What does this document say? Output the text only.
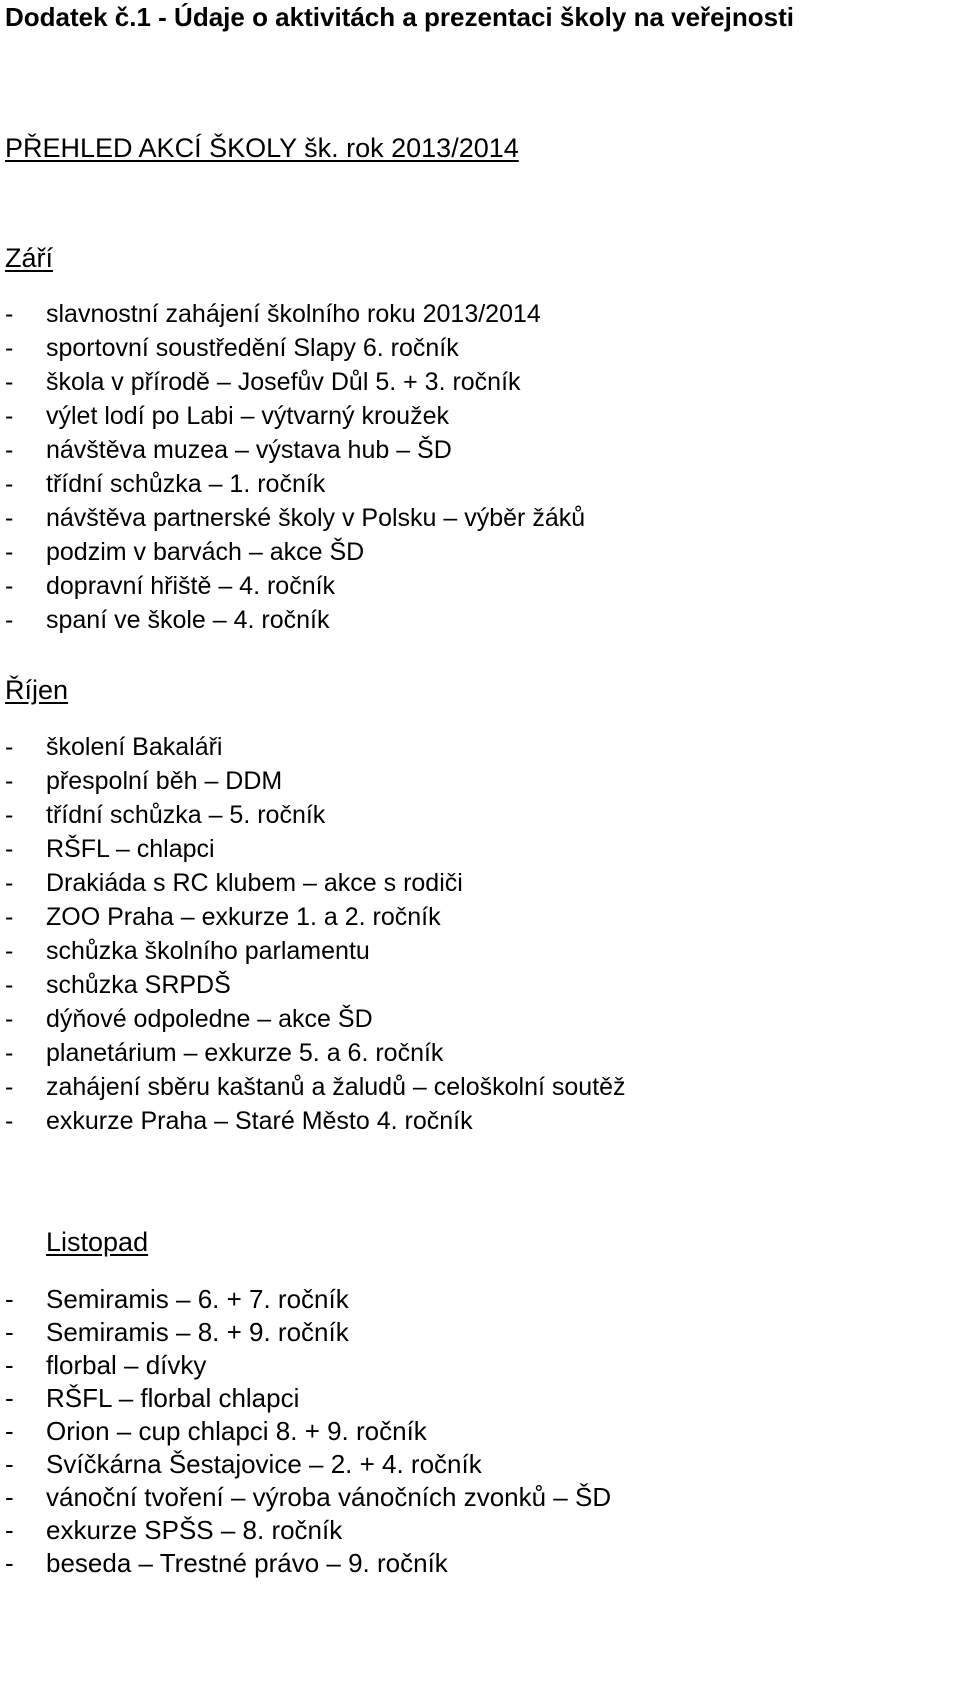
Dodatek č.1 - Údaje o aktivitách a prezentaci školy na veřejnosti
PŘEHLED AKCÍ ŠKOLY šk. rok 2013/2014
Září
- slavnostní zahájení školního roku 2013/2014
- sportovní soustředění Slapy 6. ročník
- škola v přírodě – Josefův Důl 5. + 3. ročník
- výlet lodí po Labi – výtvarný kroužek
- návštěva muzea – výstava hub – ŠD
- třídní schůzka – 1. ročník
- návštěva partnerské školy v Polsku – výběr žáků
- podzim v barvách – akce ŠD
- dopravní hřiště – 4. ročník
- spaní ve škole – 4. ročník
Říjen
- školení Bakaláři
- přespolní běh – DDM
- třídní schůzka – 5. ročník
- RŠFL – chlapci
- Drakiáda s RC klubem – akce s rodiči
- ZOO Praha – exkurze 1. a 2. ročník
- schůzka školního parlamentu
- schůzka SRPDŠ
- dýňové odpoledne – akce ŠD
- planetárium – exkurze 5. a 6. ročník
- zahájení sběru kaštanů a žaludů – celoškolní soutěž
- exkurze Praha – Staré Město 4. ročník
Listopad
- Semiramis – 6. + 7. ročník
- Semiramis – 8. + 9. ročník
- florbal – dívky
- RŠFL – florbal chlapci
- Orion – cup chlapci 8. + 9. ročník
- Svíčkárna Šestajovice – 2. + 4. ročník
- vánoční tvoření – výroba vánočních zvonků – ŠD
- exkurze SPŠS – 8. ročník
- beseda – Trestné právo – 9. ročník
